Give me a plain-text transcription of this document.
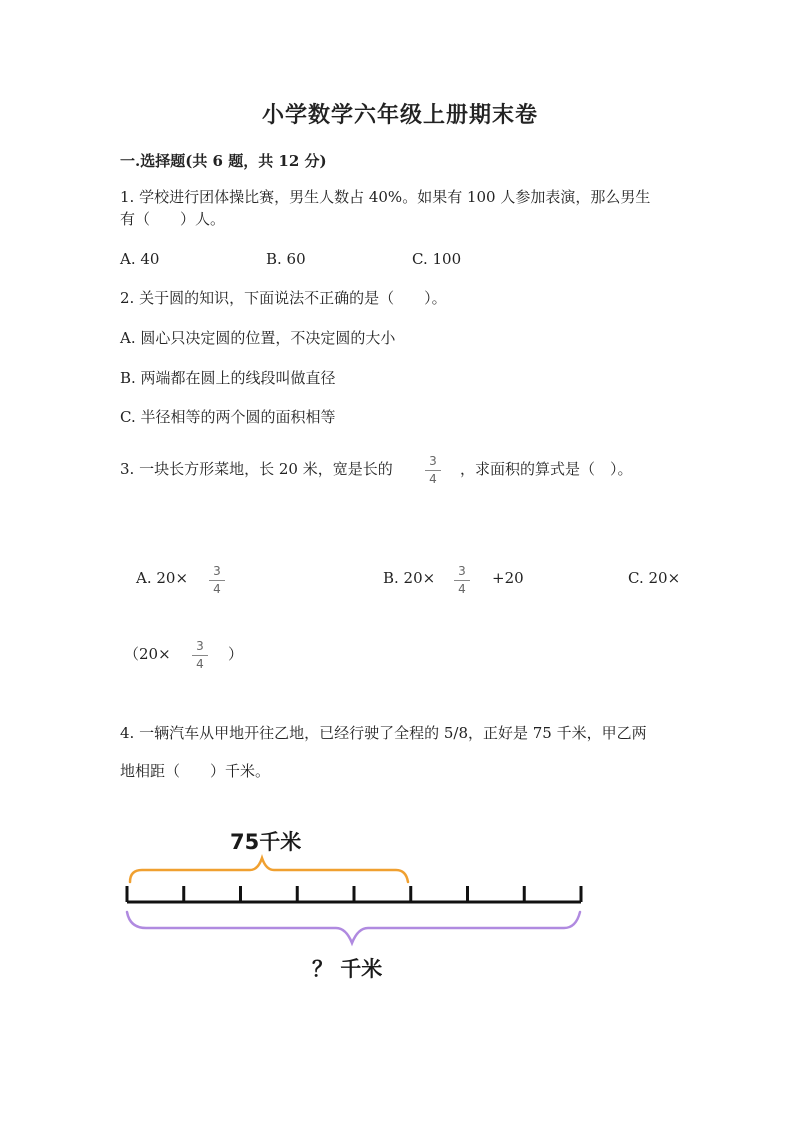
小学数学六年级上册期末卷
一.选择题(共 6 题，共 12 分)
1. 学校进行团体操比赛，男生人数占 40%。如果有 100 人参加表演，那么男生
有（　　）人。
A. 40	B. 60	C. 100
2. 关于圆的知识，下面说法不正确的是（　　）。
A. 圆心只决定圆的位置，不决定圆的大小
B. 两端都在圆上的线段叫做直径
C. 半径相等的两个圆的面积相等
3. 一块长方形菜地，长 20 米，宽是长的	3
4
，求面积的算式是（　）。
A. 20×	3
4
B. 20×	3
4
+20	C. 20×
（20×	3
4
）
4. 一辆汽车从甲地开往乙地，已经行驶了全程的 5/8，正好是 75 千米，甲乙两
地相距（　　）千米。
75千米
？ 千米
